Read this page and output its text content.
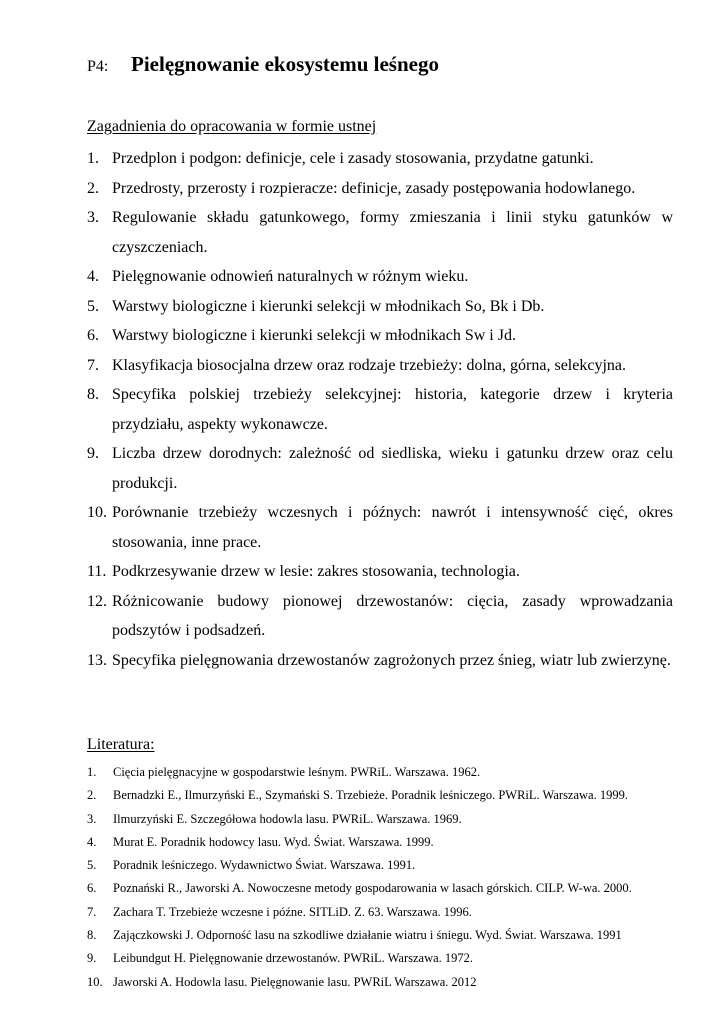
P4:	Pielęgnowanie ekosystemu leśnego
Zagadnienia do opracowania w formie ustnej
1. Przedplon i podgon: definicje, cele i zasady stosowania, przydatne gatunki.
2. Przedrosty, przerosty i rozpieracze: definicje, zasady postępowania hodowlanego.
3. Regulowanie składu gatunkowego, formy zmieszania i linii styku gatunków w czyszczeniach.
4. Pielęgnowanie odnowień naturalnych w różnym wieku.
5. Warstwy biologiczne i kierunki selekcji w młodnikach So, Bk i Db.
6. Warstwy biologiczne i kierunki selekcji w młodnikach Sw i Jd.
7. Klasyfikacja biosocjalna drzew oraz rodzaje trzebieży: dolna, górna, selekcyjna.
8. Specyfika polskiej trzebieży selekcyjnej: historia, kategorie drzew i kryteria przydziału, aspekty wykonawcze.
9. Liczba drzew dorodnych: zależność od siedliska, wieku i gatunku drzew oraz celu produkcji.
10. Porównanie trzebieży wczesnych i późnych: nawrót i intensywność cięć, okres stosowania, inne prace.
11. Podkrzesywanie drzew w lesie: zakres stosowania, technologia.
12. Różnicowanie budowy pionowej drzewostanów: cięcia, zasady wprowadzania podszytów i podsadzeń.
13. Specyfika pielęgnowania drzewostanów zagrożonych przez śnieg, wiatr lub zwierzynę.
Literatura:
1.	Cięcia pielęgnacyjne w gospodarstwie leśnym. PWRiL. Warszawa. 1962.
2.	Bernadzki E., Ilmurzyński E., Szymański S. Trzebieże. Poradnik leśniczego. PWRiL. Warszawa. 1999.
3.	Ilmurzyński E. Szczegółowa hodowla lasu. PWRiL. Warszawa. 1969.
4.	Murat E. Poradnik hodowcy lasu. Wyd. Świat. Warszawa. 1999.
5.	Poradnik leśniczego. Wydawnictwo Świat. Warszawa. 1991.
6.	Poznański R., Jaworski A. Nowoczesne metody gospodarowania w lasach górskich. CILP. W-wa. 2000.
7.	Zachara T. Trzebieże wczesne i późne. SITLiD. Z. 63. Warszawa. 1996.
8.	Zajączkowski J. Odporność lasu na szkodliwe działanie wiatru i śniegu. Wyd. Świat. Warszawa. 1991
9.	Leibundgut H. Pielęgnowanie drzewostanów. PWRiL. Warszawa. 1972.
10. Jaworski A. Hodowla lasu. Pielęgnowanie lasu. PWRiL Warszawa. 2012
